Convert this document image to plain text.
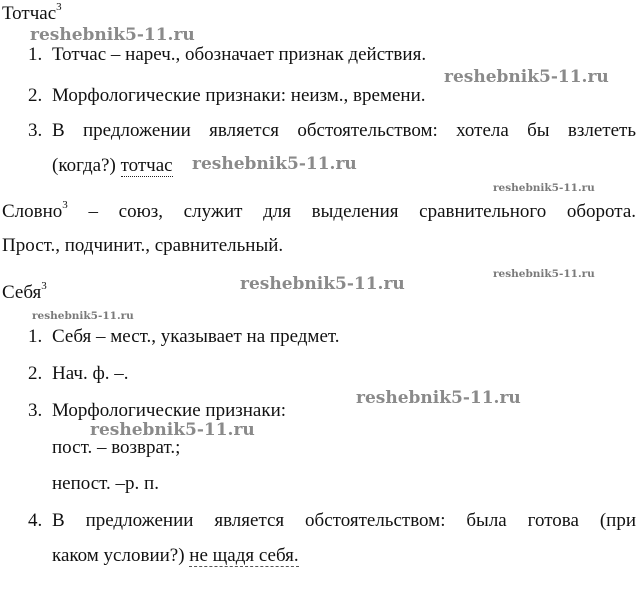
Тотчас$^3$
reshebnik5-11.ru
1. Тотчас – нареч., обозначает признак действия.
reshebnik5-11.ru
2. Морфологические признаки: неизм., времени.
3. В предложении является обстоятельством: хотела бы взлететь
(когда?) тотчас reshebnik5-11.ru
reshebnik5-11.ru
Словно$^3$ – союз, служит для выделения сравнительного оборота.
Прост., подчинит., сравнительный.
reshebnik5-11.ru
Себя$^3$	reshebnik5-11.ru
reshebnik5-11.ru
1. Себя – мест., указывает на предмет.
2. Нач. ф. –.
reshebnik5-11.ru
3. Морфологические признаки:
reshebnik5-11.ru
пост. – возврат.;
непост. –р. п.
4. В предложении является обстоятельством: была готова (при
каком условии?) не щадя себя.
